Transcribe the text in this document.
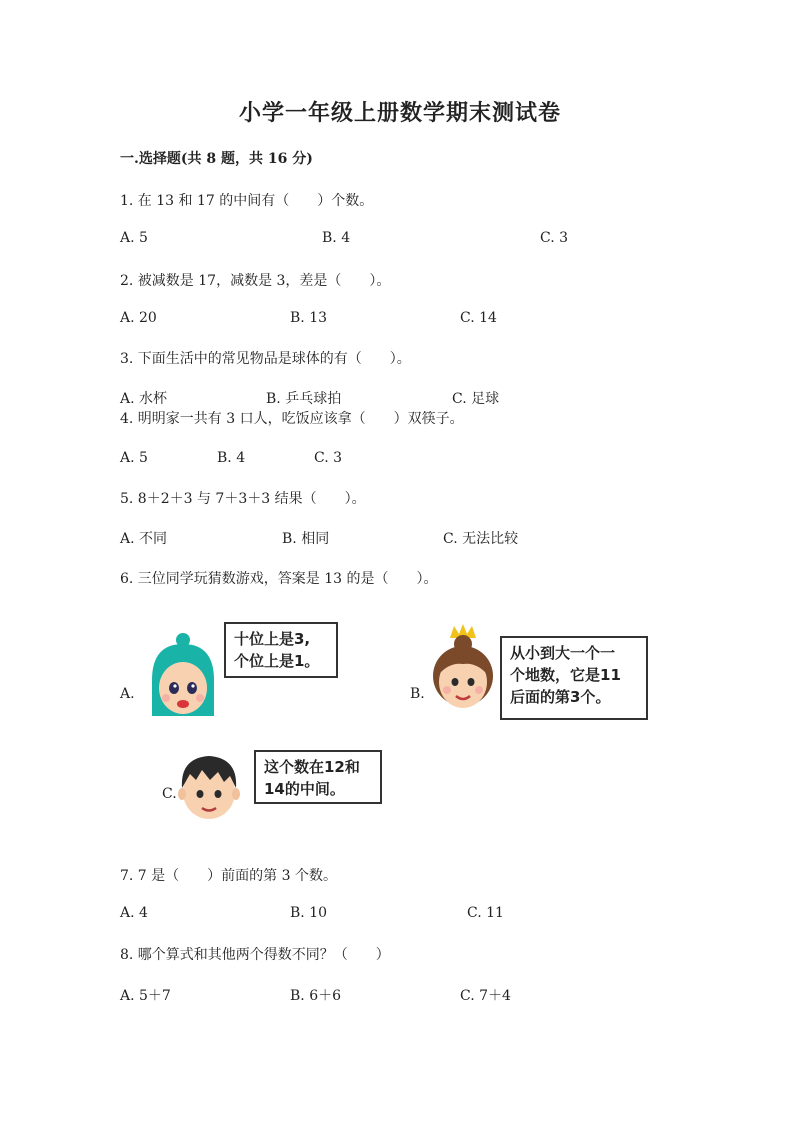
小学一年级上册数学期末测试卷
一.选择题(共 8 题，共 16 分)
1. 在 13 和 17 的中间有（　　）个数。
A. 5	B. 4	C. 3
2. 被减数是 17，减数是 3，差是（　　）。
A. 20	B. 13	C. 14
3. 下面生活中的常见物品是球体的有（　　）。
A. 水杯	B. 乒乓球拍	C. 足球
4. 明明家一共有 3 口人，吃饭应该拿（　　）双筷子。
A. 5	B. 4	C. 3
5. 8＋2＋3 与 7＋3＋3 结果（　　）。
A. 不同	B. 相同	C. 无法比较
6. 三位同学玩猜数游戏，答案是 13 的是（　　）。
A.
十位上是3,
个位上是1。
B.
从小到大一个一
个地数，它是11
后面的第3个。
C.
这个数在12和
14的中间。
7. 7 是（　　）前面的第 3 个数。
A. 4	B. 10	C. 11
8. 哪个算式和其他两个得数不同？（　　）
A. 5＋7	B. 6＋6	C. 7＋4
